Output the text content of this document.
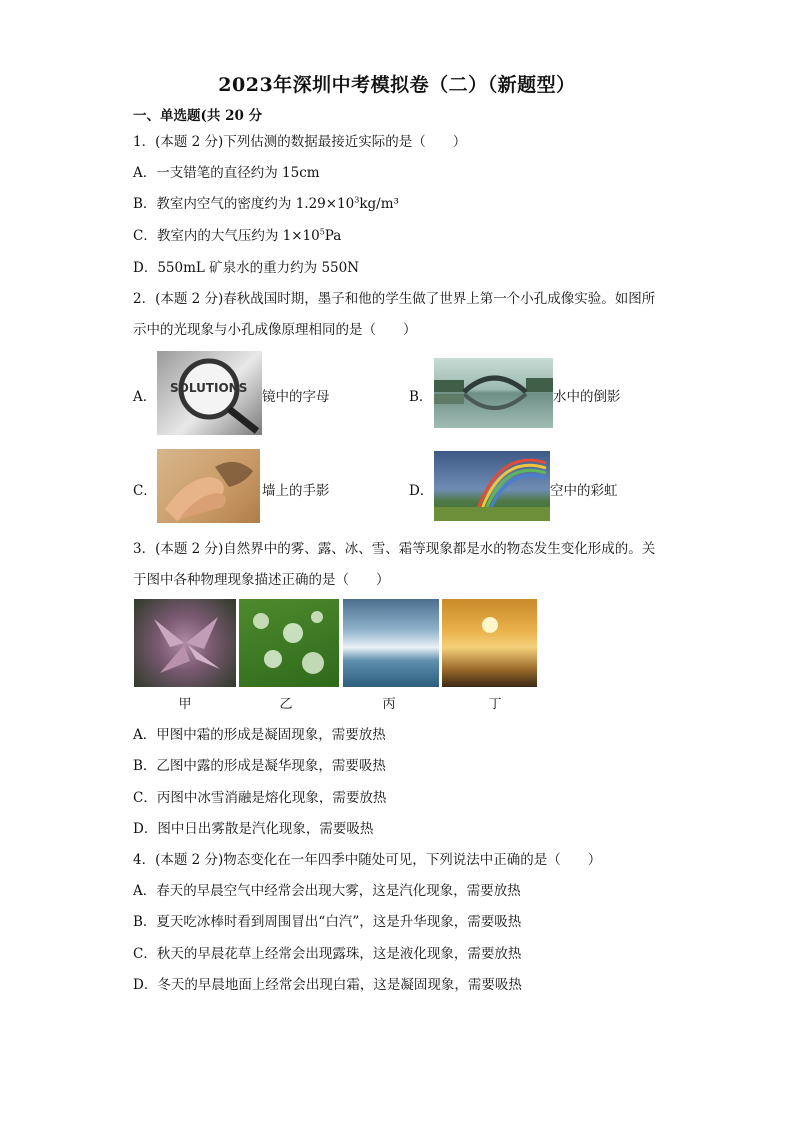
2023年深圳中考模拟卷（二）（新题型）
一、单选题(共 20 分
1．(本题 2 分)下列估测的数据最接近实际的是（　　）
A．一支错笔的直径约为 15cm
B．教室内空气的密度约为 $1.29\times 10^3kg/m^3$
C．教室内的大气压约为 $1\times 10^5Pa$
D．550mL 矿泉水的重力约为 550N
2．(本题 2 分)春秋战国时期，墨子和他的学生做了世界上第一个小孔成像实验。如图所
示中的光现象与小孔成像原理相同的是（　　）
A．
SOLUTIONS
镜中的字母	B．	水中的倒影
C．	墙上的手影	D．	空中的彩虹
3．(本题 2 分)自然界中的雾、露、冰、雪、霜等现象都是水的物态发生变化形成的。关
于图中各种物理现象描述正确的是（　　）
甲	乙	丙	丁
A．甲图中霜的形成是凝固现象，需要放热
B．乙图中露的形成是凝华现象，需要吸热
C．丙图中冰雪消融是熔化现象，需要放热
D．图中日出雾散是汽化现象，需要吸热
4．(本题 2 分)物态变化在一年四季中随处可见，下列说法中正确的是（　　）
A．春天的早晨空气中经常会出现大雾，这是汽化现象，需要放热
B．夏天吃冰棒时看到周围冒出“白汽”，这是升华现象，需要吸热
C．秋天的早晨花草上经常会出现露珠，这是液化现象，需要放热
D．冬天的早晨地面上经常会出现白霜，这是凝固现象，需要吸热
